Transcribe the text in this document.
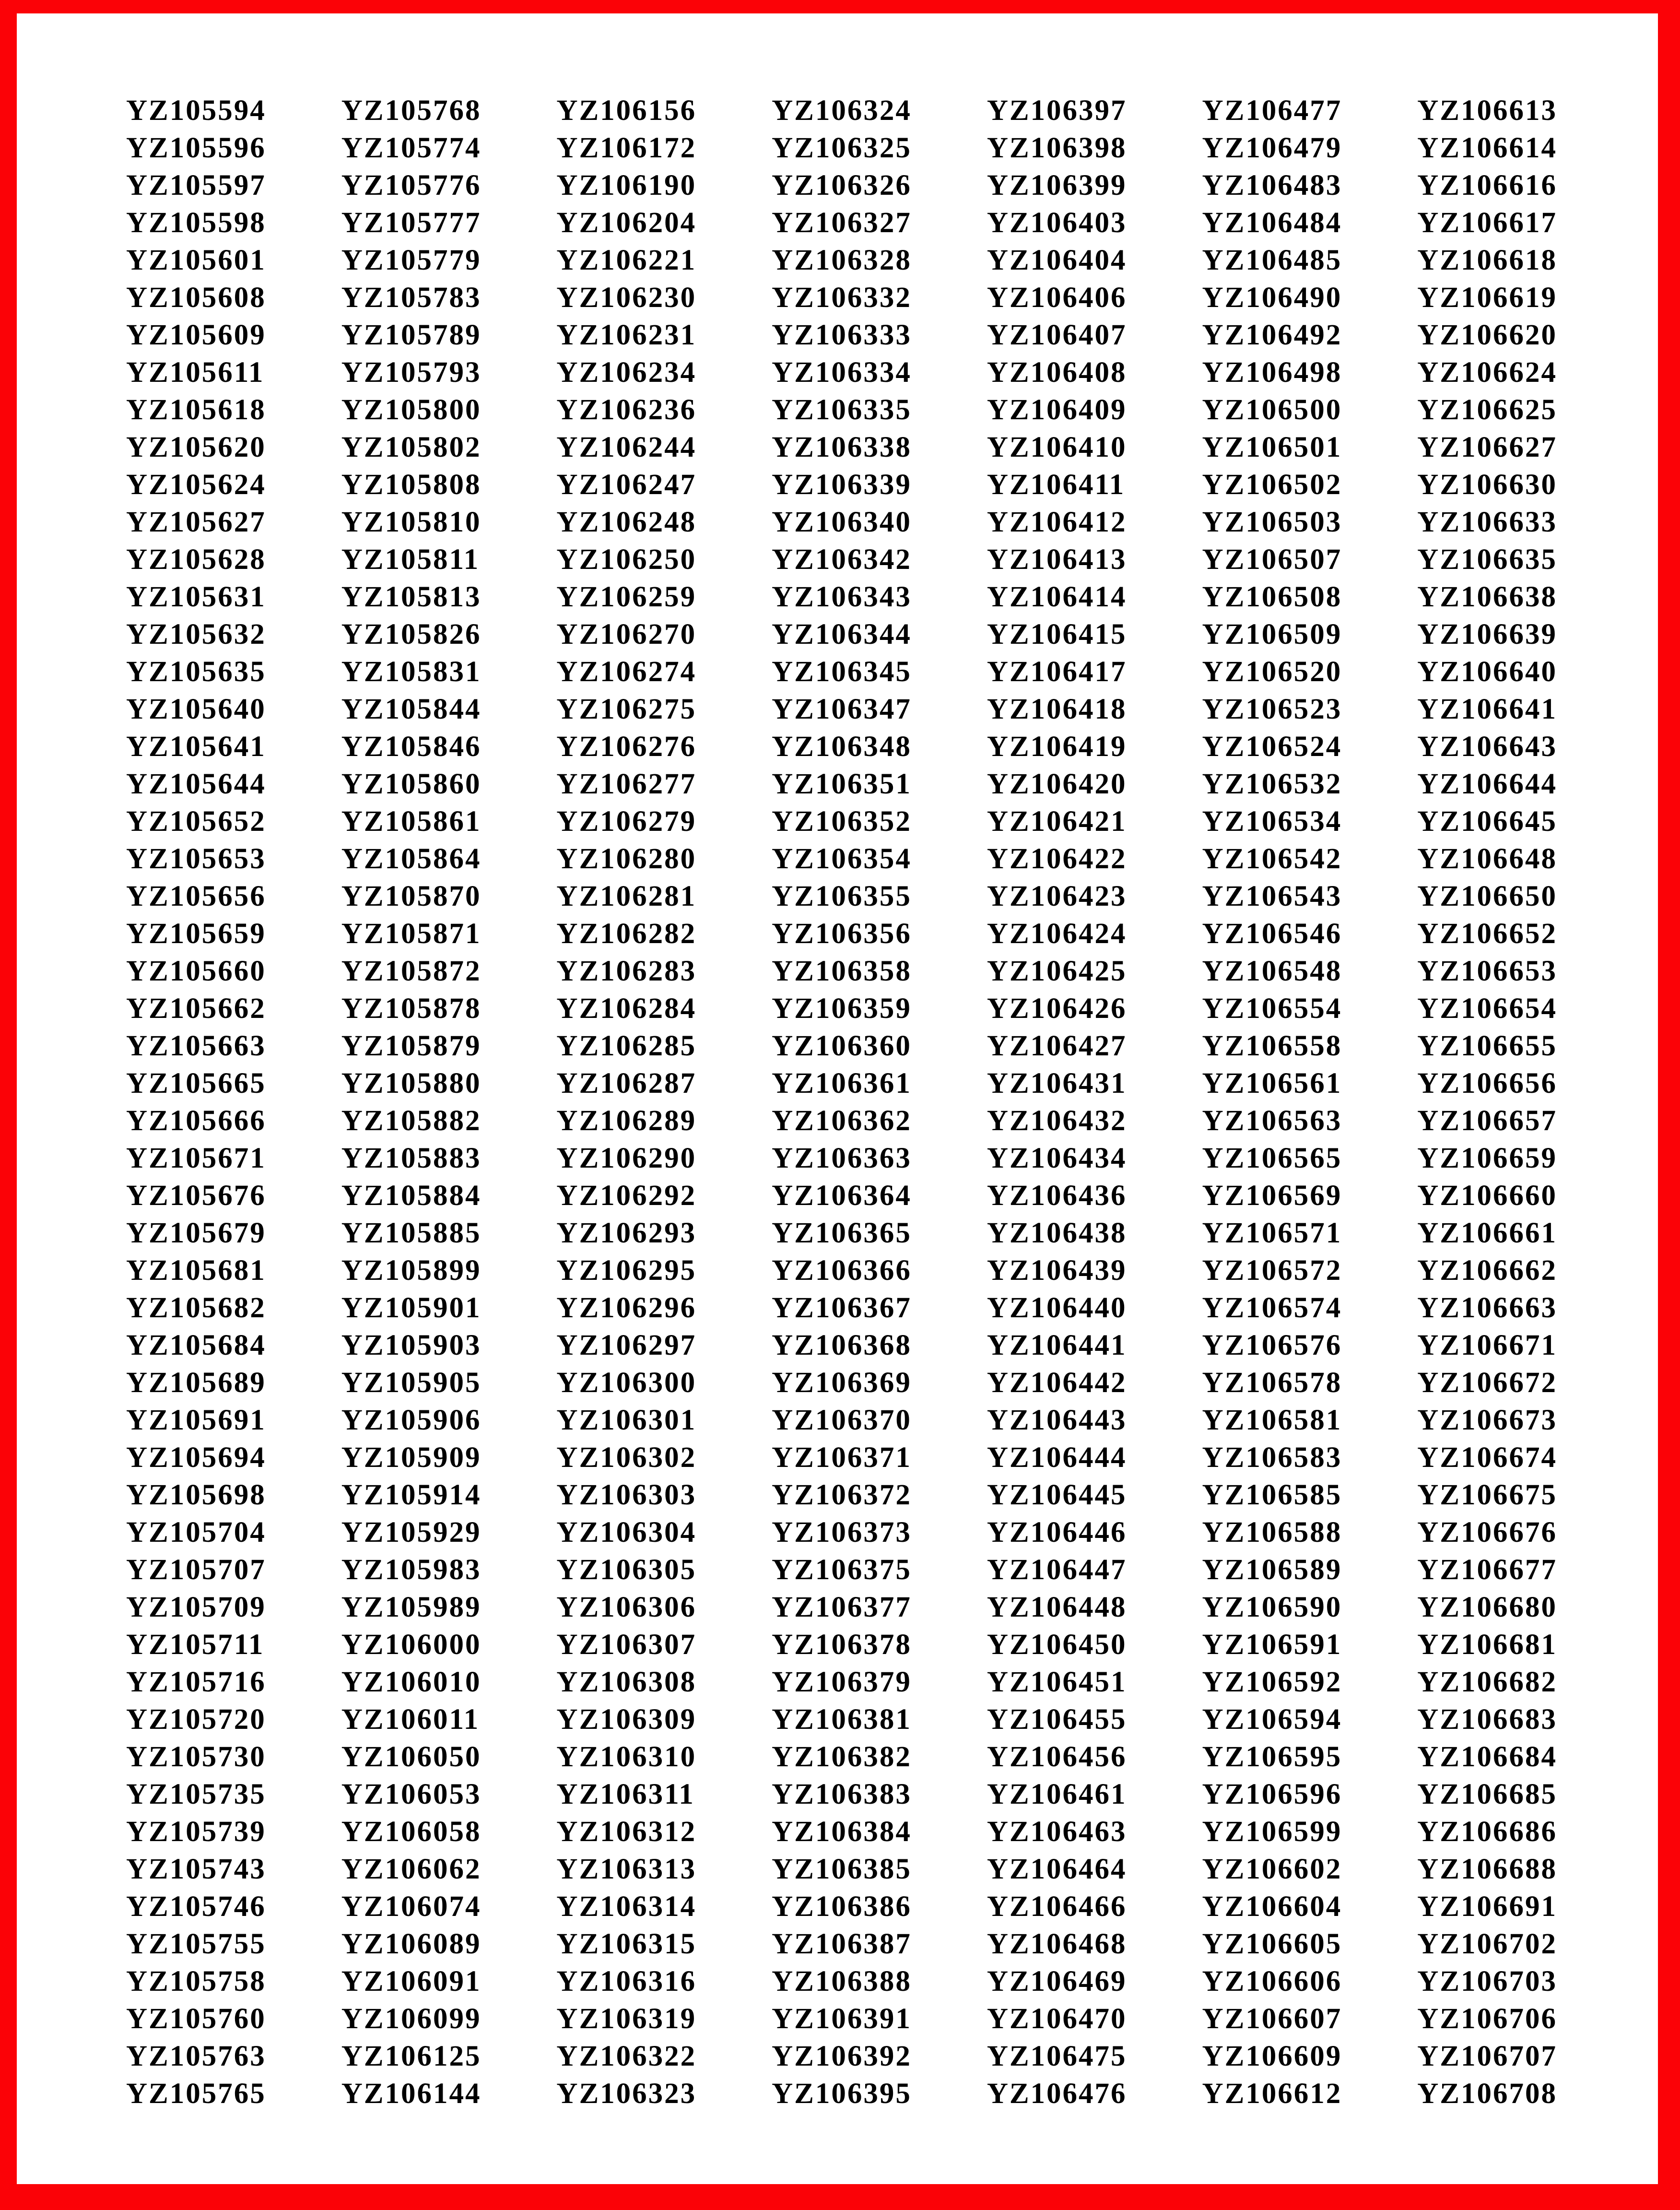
YZ105594
YZ105596
YZ105597
YZ105598
YZ105601
YZ105608
YZ105609
YZ105611
YZ105618
YZ105620
YZ105624
YZ105627
YZ105628
YZ105631
YZ105632
YZ105635
YZ105640
YZ105641
YZ105644
YZ105652
YZ105653
YZ105656
YZ105659
YZ105660
YZ105662
YZ105663
YZ105665
YZ105666
YZ105671
YZ105676
YZ105679
YZ105681
YZ105682
YZ105684
YZ105689
YZ105691
YZ105694
YZ105698
YZ105704
YZ105707
YZ105709
YZ105711
YZ105716
YZ105720
YZ105730
YZ105735
YZ105739
YZ105743
YZ105746
YZ105755
YZ105758
YZ105760
YZ105763
YZ105765
YZ105768
YZ105774
YZ105776
YZ105777
YZ105779
YZ105783
YZ105789
YZ105793
YZ105800
YZ105802
YZ105808
YZ105810
YZ105811
YZ105813
YZ105826
YZ105831
YZ105844
YZ105846
YZ105860
YZ105861
YZ105864
YZ105870
YZ105871
YZ105872
YZ105878
YZ105879
YZ105880
YZ105882
YZ105883
YZ105884
YZ105885
YZ105899
YZ105901
YZ105903
YZ105905
YZ105906
YZ105909
YZ105914
YZ105929
YZ105983
YZ105989
YZ106000
YZ106010
YZ106011
YZ106050
YZ106053
YZ106058
YZ106062
YZ106074
YZ106089
YZ106091
YZ106099
YZ106125
YZ106144
YZ106156
YZ106172
YZ106190
YZ106204
YZ106221
YZ106230
YZ106231
YZ106234
YZ106236
YZ106244
YZ106247
YZ106248
YZ106250
YZ106259
YZ106270
YZ106274
YZ106275
YZ106276
YZ106277
YZ106279
YZ106280
YZ106281
YZ106282
YZ106283
YZ106284
YZ106285
YZ106287
YZ106289
YZ106290
YZ106292
YZ106293
YZ106295
YZ106296
YZ106297
YZ106300
YZ106301
YZ106302
YZ106303
YZ106304
YZ106305
YZ106306
YZ106307
YZ106308
YZ106309
YZ106310
YZ106311
YZ106312
YZ106313
YZ106314
YZ106315
YZ106316
YZ106319
YZ106322
YZ106323
YZ106324
YZ106325
YZ106326
YZ106327
YZ106328
YZ106332
YZ106333
YZ106334
YZ106335
YZ106338
YZ106339
YZ106340
YZ106342
YZ106343
YZ106344
YZ106345
YZ106347
YZ106348
YZ106351
YZ106352
YZ106354
YZ106355
YZ106356
YZ106358
YZ106359
YZ106360
YZ106361
YZ106362
YZ106363
YZ106364
YZ106365
YZ106366
YZ106367
YZ106368
YZ106369
YZ106370
YZ106371
YZ106372
YZ106373
YZ106375
YZ106377
YZ106378
YZ106379
YZ106381
YZ106382
YZ106383
YZ106384
YZ106385
YZ106386
YZ106387
YZ106388
YZ106391
YZ106392
YZ106395
YZ106397
YZ106398
YZ106399
YZ106403
YZ106404
YZ106406
YZ106407
YZ106408
YZ106409
YZ106410
YZ106411
YZ106412
YZ106413
YZ106414
YZ106415
YZ106417
YZ106418
YZ106419
YZ106420
YZ106421
YZ106422
YZ106423
YZ106424
YZ106425
YZ106426
YZ106427
YZ106431
YZ106432
YZ106434
YZ106436
YZ106438
YZ106439
YZ106440
YZ106441
YZ106442
YZ106443
YZ106444
YZ106445
YZ106446
YZ106447
YZ106448
YZ106450
YZ106451
YZ106455
YZ106456
YZ106461
YZ106463
YZ106464
YZ106466
YZ106468
YZ106469
YZ106470
YZ106475
YZ106476
YZ106477
YZ106479
YZ106483
YZ106484
YZ106485
YZ106490
YZ106492
YZ106498
YZ106500
YZ106501
YZ106502
YZ106503
YZ106507
YZ106508
YZ106509
YZ106520
YZ106523
YZ106524
YZ106532
YZ106534
YZ106542
YZ106543
YZ106546
YZ106548
YZ106554
YZ106558
YZ106561
YZ106563
YZ106565
YZ106569
YZ106571
YZ106572
YZ106574
YZ106576
YZ106578
YZ106581
YZ106583
YZ106585
YZ106588
YZ106589
YZ106590
YZ106591
YZ106592
YZ106594
YZ106595
YZ106596
YZ106599
YZ106602
YZ106604
YZ106605
YZ106606
YZ106607
YZ106609
YZ106612
YZ106613
YZ106614
YZ106616
YZ106617
YZ106618
YZ106619
YZ106620
YZ106624
YZ106625
YZ106627
YZ106630
YZ106633
YZ106635
YZ106638
YZ106639
YZ106640
YZ106641
YZ106643
YZ106644
YZ106645
YZ106648
YZ106650
YZ106652
YZ106653
YZ106654
YZ106655
YZ106656
YZ106657
YZ106659
YZ106660
YZ106661
YZ106662
YZ106663
YZ106671
YZ106672
YZ106673
YZ106674
YZ106675
YZ106676
YZ106677
YZ106680
YZ106681
YZ106682
YZ106683
YZ106684
YZ106685
YZ106686
YZ106688
YZ106691
YZ106702
YZ106703
YZ106706
YZ106707
YZ106708
